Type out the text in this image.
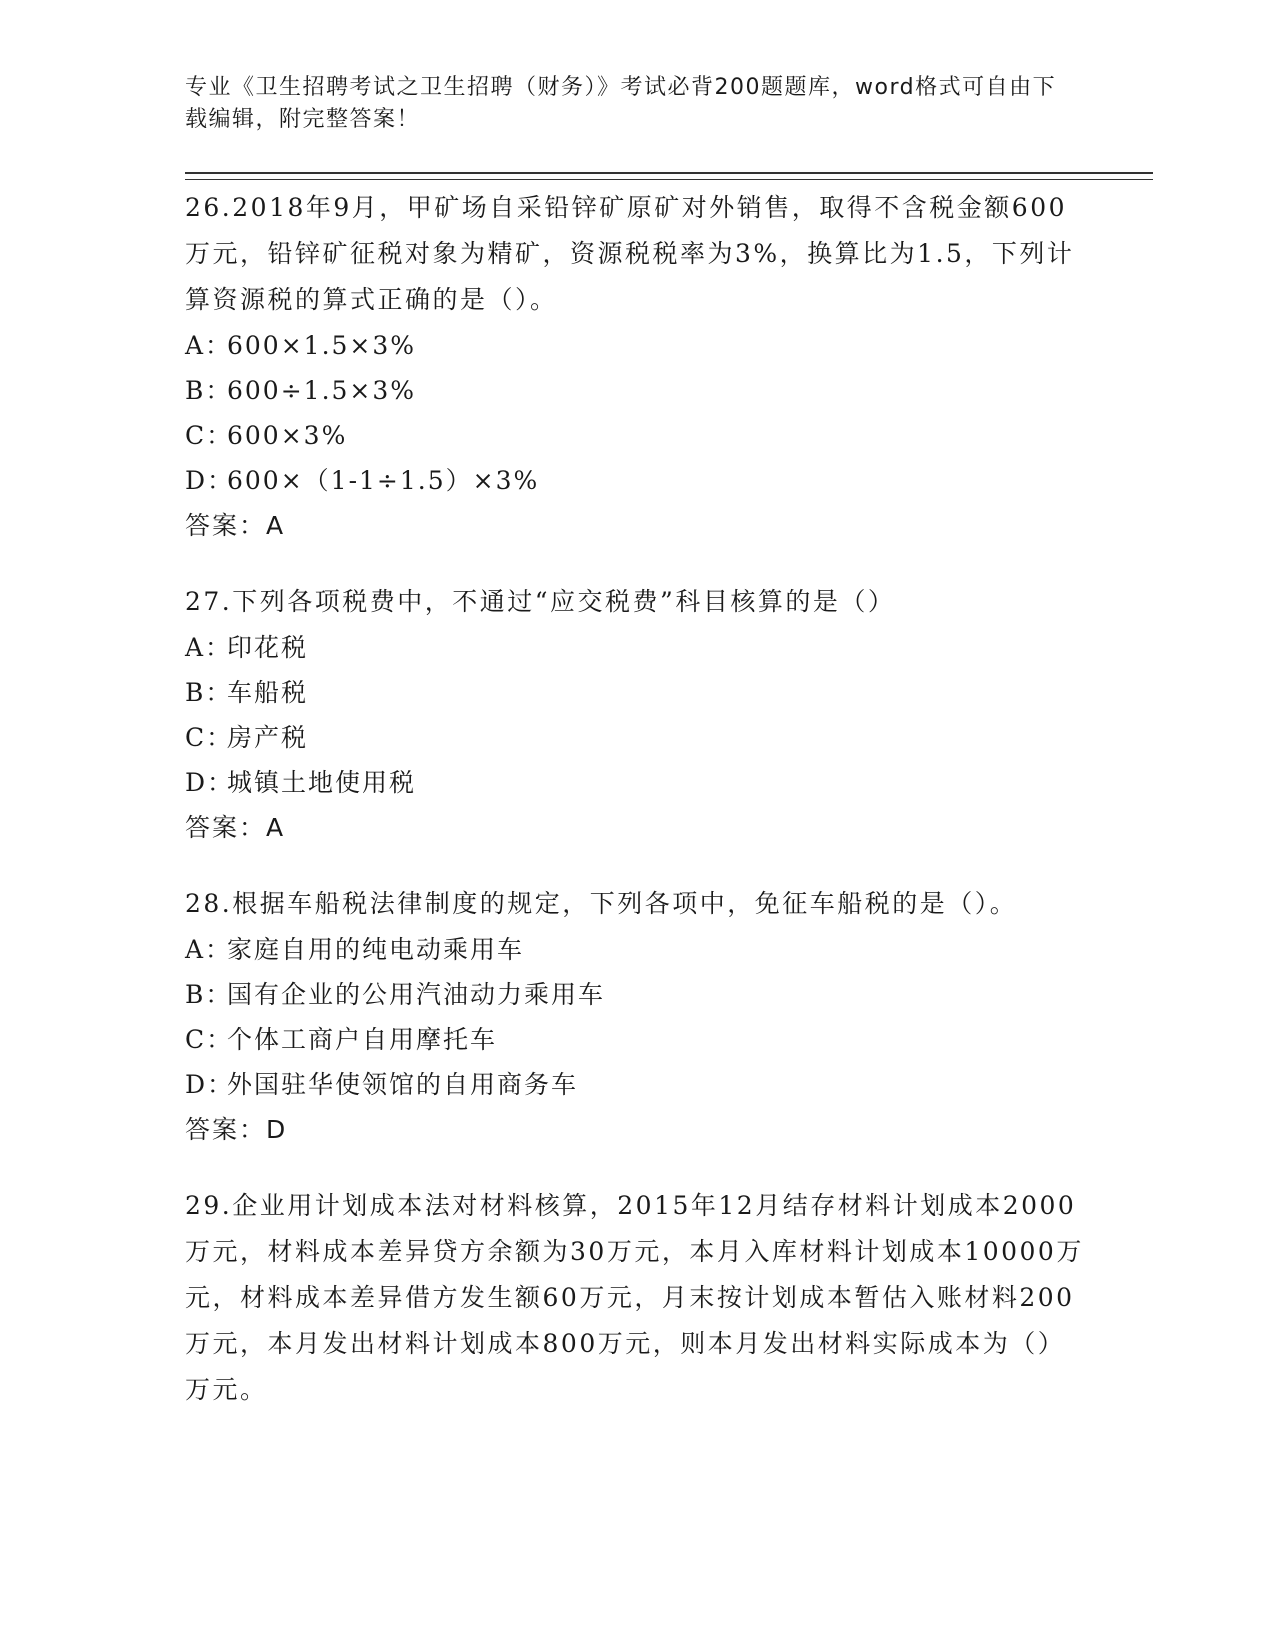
专业《卫生招聘考试之卫生招聘（财务）》考试必背200题题库，word格式可自由下载编辑，附完整答案！

26.2018年9月，甲矿场自采铅锌矿原矿对外销售，取得不含税金额600万元，铅锌矿征税对象为精矿，资源税税率为3%，换算比为1.5，下列计算资源税的算式正确的是（）。

A：600×1.5×3%

B：600÷1.5×3%

C：600×3%

D：600×（1-1÷1.5）×3%

答案：A

27.下列各项税费中，不通过“应交税费”科目核算的是（）

A：印花税

B：车船税

C：房产税

D：城镇土地使用税

答案：A

28.根据车船税法律制度的规定，下列各项中，免征车船税的是（）。

A：家庭自用的纯电动乘用车

B：国有企业的公用汽油动力乘用车

C：个体工商户自用摩托车

D：外国驻华使领馆的自用商务车

答案：D

29.企业用计划成本法对材料核算，2015年12月结存材料计划成本2000万元，材料成本差异贷方余额为30万元，本月入库材料计划成本10000万元，材料成本差异借方发生额60万元，月末按计划成本暂估入账材料200万元，本月发出材料计划成本800万元，则本月发出材料实际成本为（）万元。
